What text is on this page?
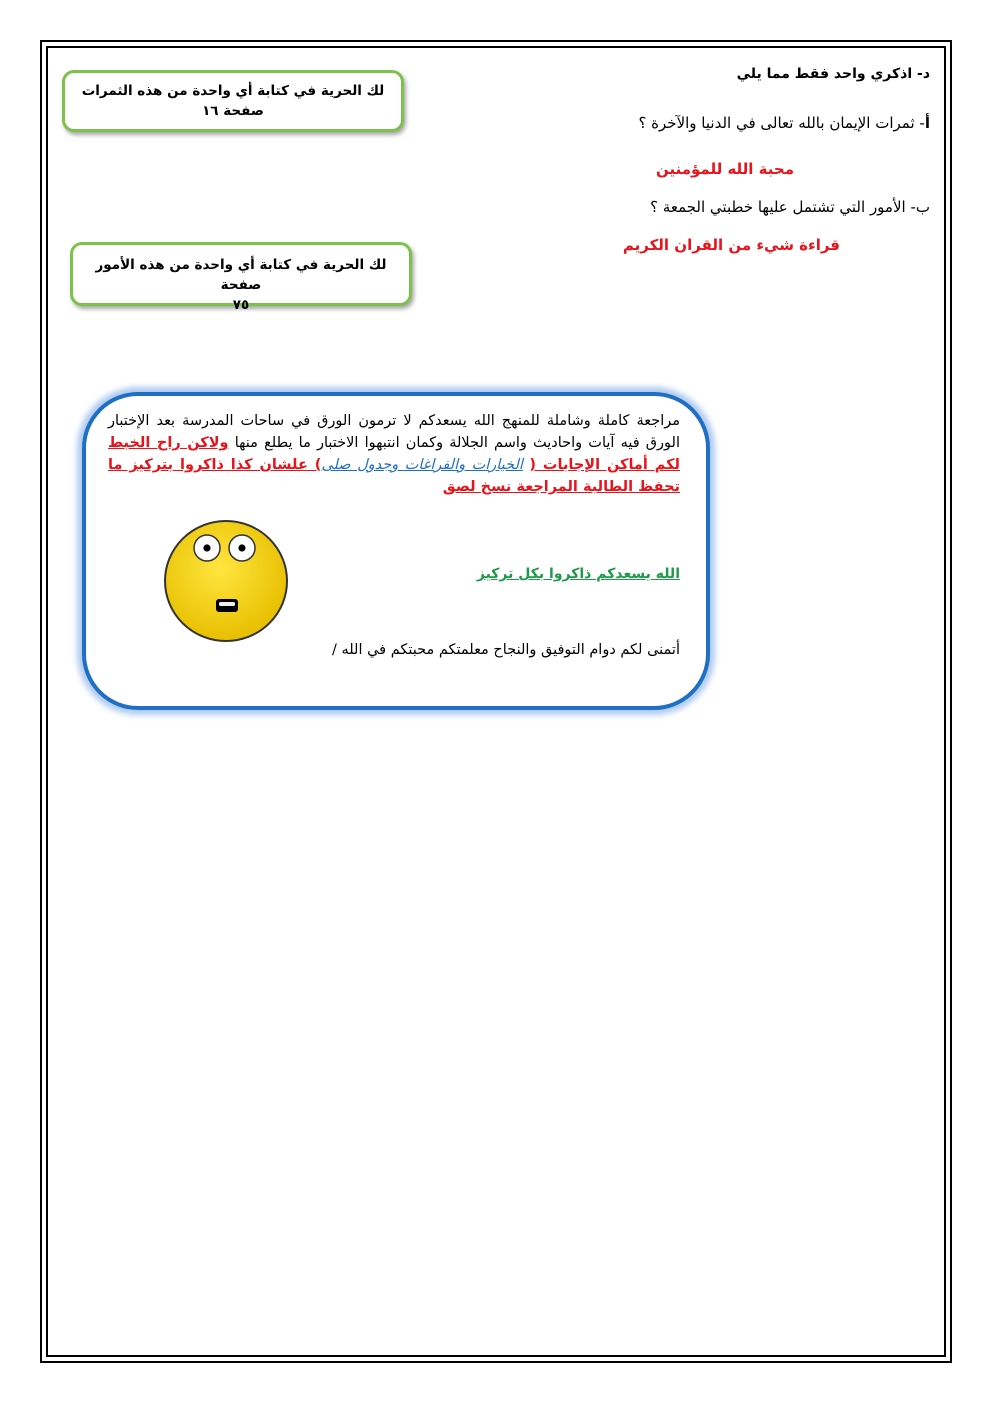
د- اذكري واحد فقط مما يلي
أ- ثمرات الإيمان بالله تعالى في الدنيا والآخرة ؟
محبة الله للمؤمنين
ب- الأمور التي تشتمل عليها خطبتي الجمعة ؟
قراءة شيء من القران الكريم
لك الحرية في كتابة أي واحدة من هذه الثمرات
صفحة ١٦
لك الحرية في كتابة أي واحدة من هذه الأمور صفحة
٧٥
مراجعة كاملة وشاملة للمنهج الله يسعدكم لا ترمون الورق في ساحات المدرسة بعد الإختبار الورق فيه آيات واحاديث واسم الجلالة وكمان انتبهوا الاختبار ما يطلع منها ولاكن راح الخبط لكم أماكن الإجابات ( الخيارات والفراغات وجدول صلى) علشان كذا ذاكروا بتركيز ما تحفظ الطالبة المراجعة نسخ لصق
الله يسعدكم ذاكروا بكل تركيز
أتمنى لكم دوام التوفيق والنجاح معلمتكم محبتكم في الله /
